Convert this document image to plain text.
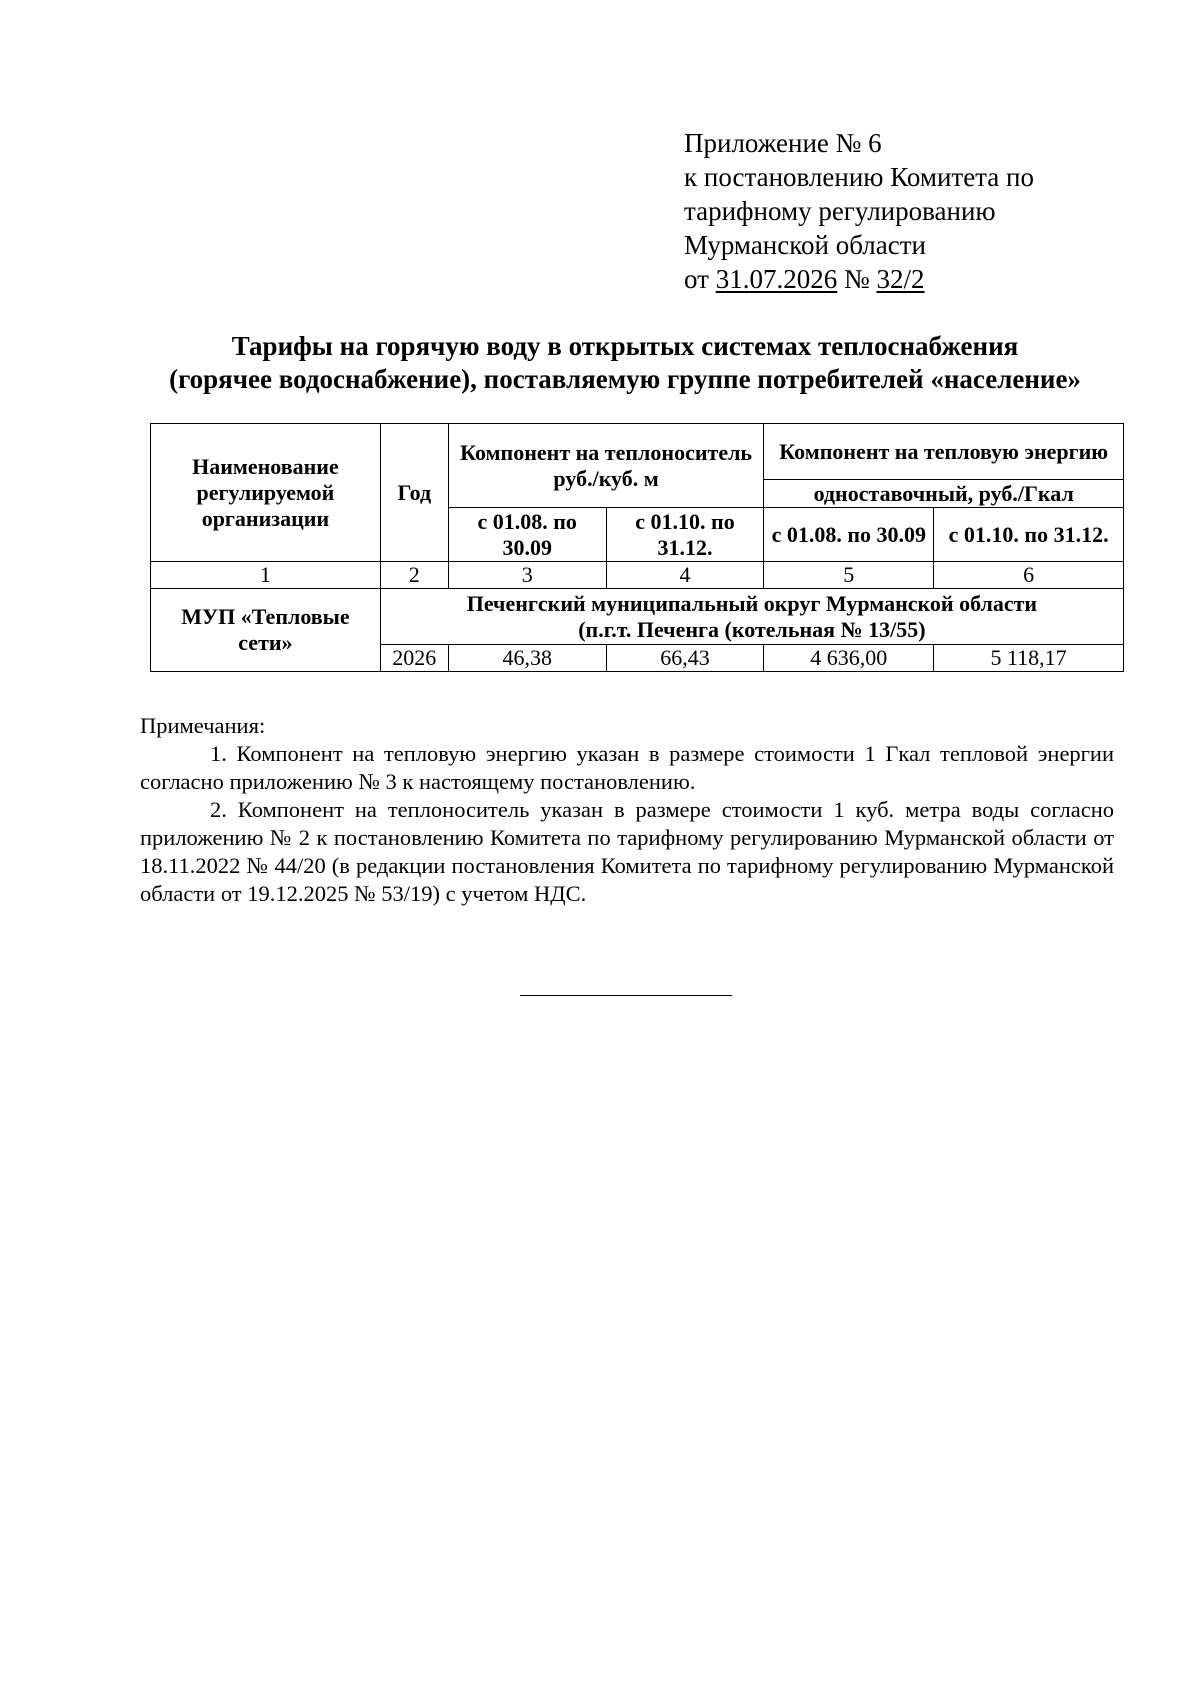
Приложение № 6
к постановлению Комитета по
тарифному регулированию
Мурманской области
от 31.07.2026 № 32/2
Тарифы на горячую воду в открытых системах теплоснабжения
(горячее водоснабжение), поставляемую группе потребителей «население»
Наименование регулируемой организации	Год	Компонент на теплоноситель руб./куб. м		Компонент на тепловую энергию	
				одноставочный, руб./Гкал	
		с 01.08. по 30.09	с 01.10. по 31.12.	с 01.08. по 30.09	с 01.10. по 31.12.
1	2	3	4	5	6
МУП «Тепловые сети»	Печенгский муниципальный округ Мурманской области
(п.г.т. Печенга (котельная № 13/55)				

	2026	46,38	66,43	4 636,00	5 118,17

Примечания:

1. Компонент на тепловую энергию указан в размере стоимости 1 Гкал тепловой энергии согласно приложению № 3 к настоящему постановлению.

2. Компонент на теплоноситель указан в размере стоимости 1 куб. метра воды согласно приложению № 2 к постановлению Комитета по тарифному регулированию Мурманской области от 18.11.2022 № 44/20 (в редакции постановления Комитета по тарифному регулированию Мурманской области от 19.12.2025 № 53/19) с учетом НДС.
